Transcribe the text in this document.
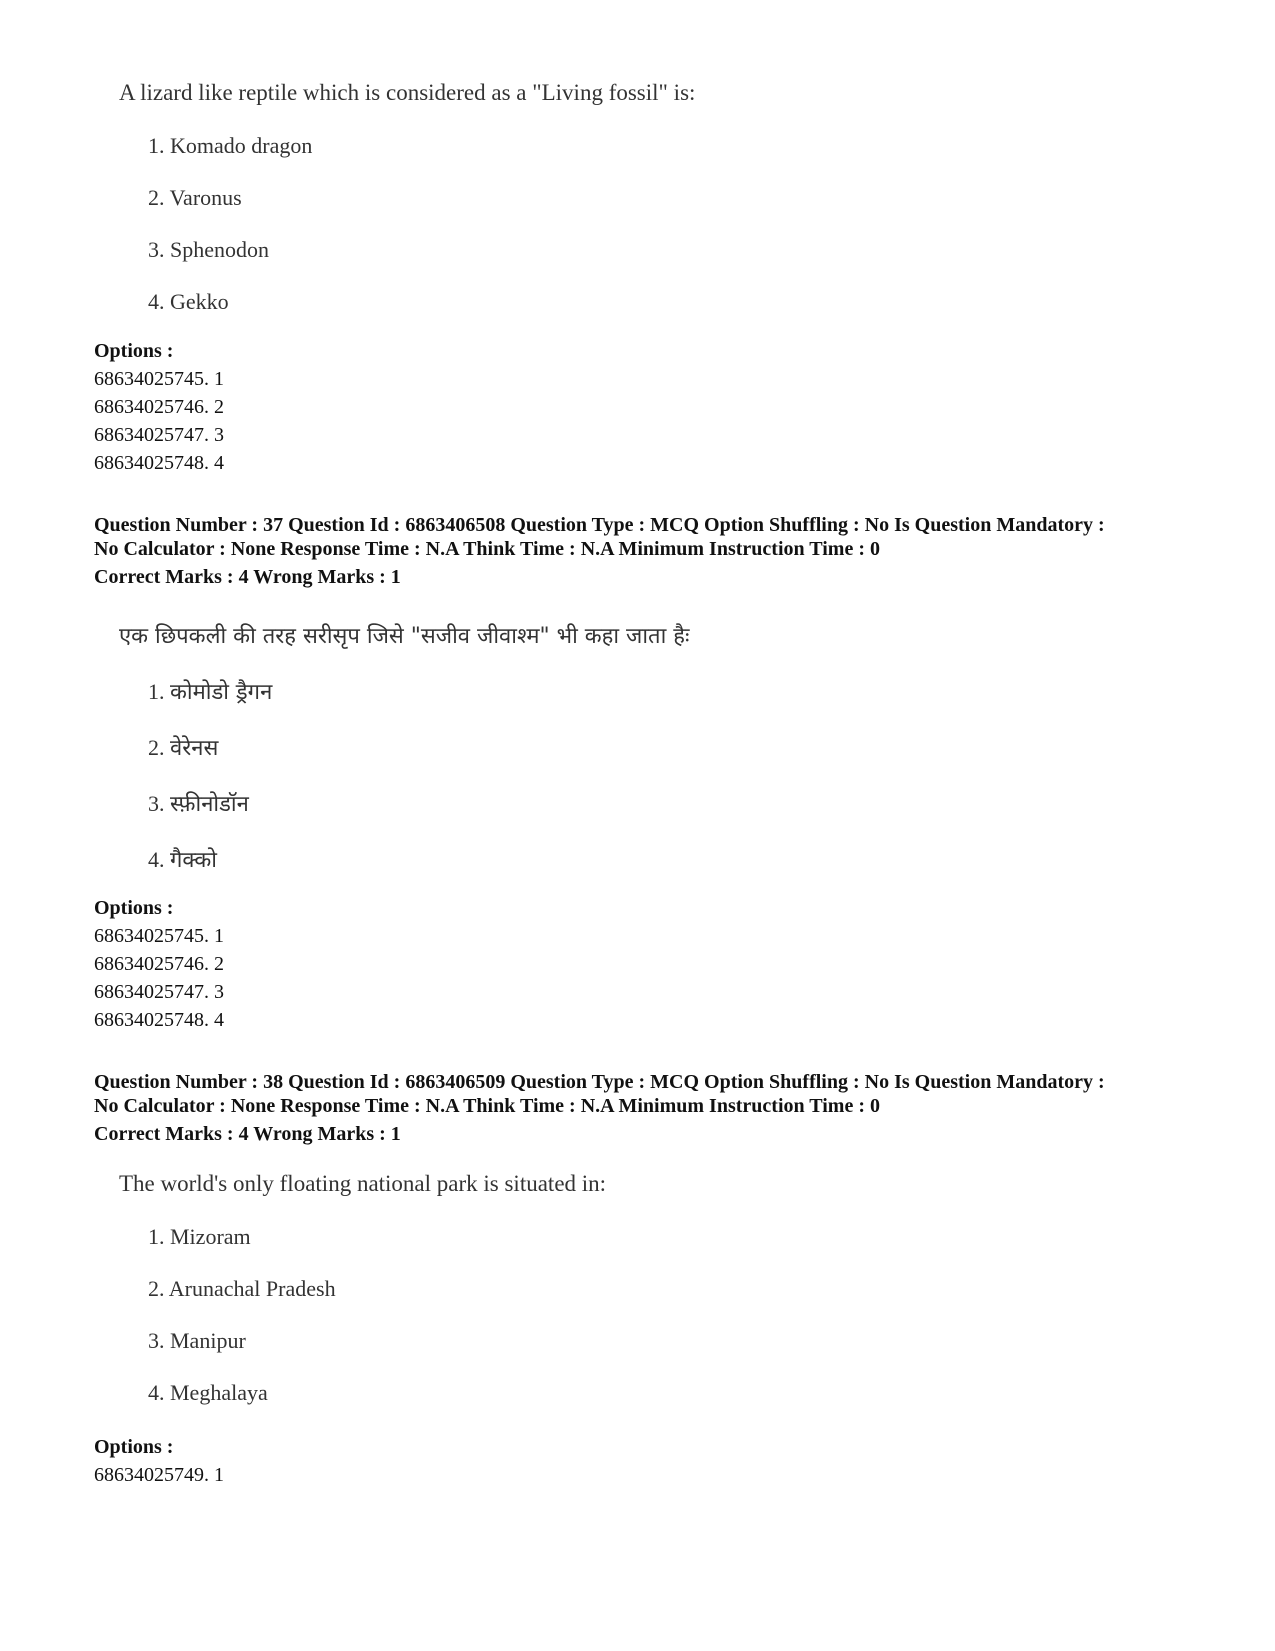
A lizard like reptile which is considered as a "Living fossil" is:
1. Komado dragon
2. Varonus
3. Sphenodon
4. Gekko
Options :
68634025745. 1
68634025746. 2
68634025747. 3
68634025748. 4
Question Number : 37 Question Id : 6863406508 Question Type : MCQ Option Shuffling : No Is Question Mandatory :
No Calculator : None Response Time : N.A Think Time : N.A Minimum Instruction Time : 0
Correct Marks : 4 Wrong Marks : 1
एक छिपकली की तरह सरीसृप जिसे "सजीव जीवाश्म" भी कहा जाता हैः
1. कोमोडो ड्रैगन
2. वेरेनस
3. स्फ़ीनोडॉन
4. गैक्को
Options :
68634025745. 1
68634025746. 2
68634025747. 3
68634025748. 4
Question Number : 38 Question Id : 6863406509 Question Type : MCQ Option Shuffling : No Is Question Mandatory :
No Calculator : None Response Time : N.A Think Time : N.A Minimum Instruction Time : 0
Correct Marks : 4 Wrong Marks : 1
The world's only floating national park is situated in:
1. Mizoram
2. Arunachal Pradesh
3. Manipur
4. Meghalaya
Options :
68634025749. 1
